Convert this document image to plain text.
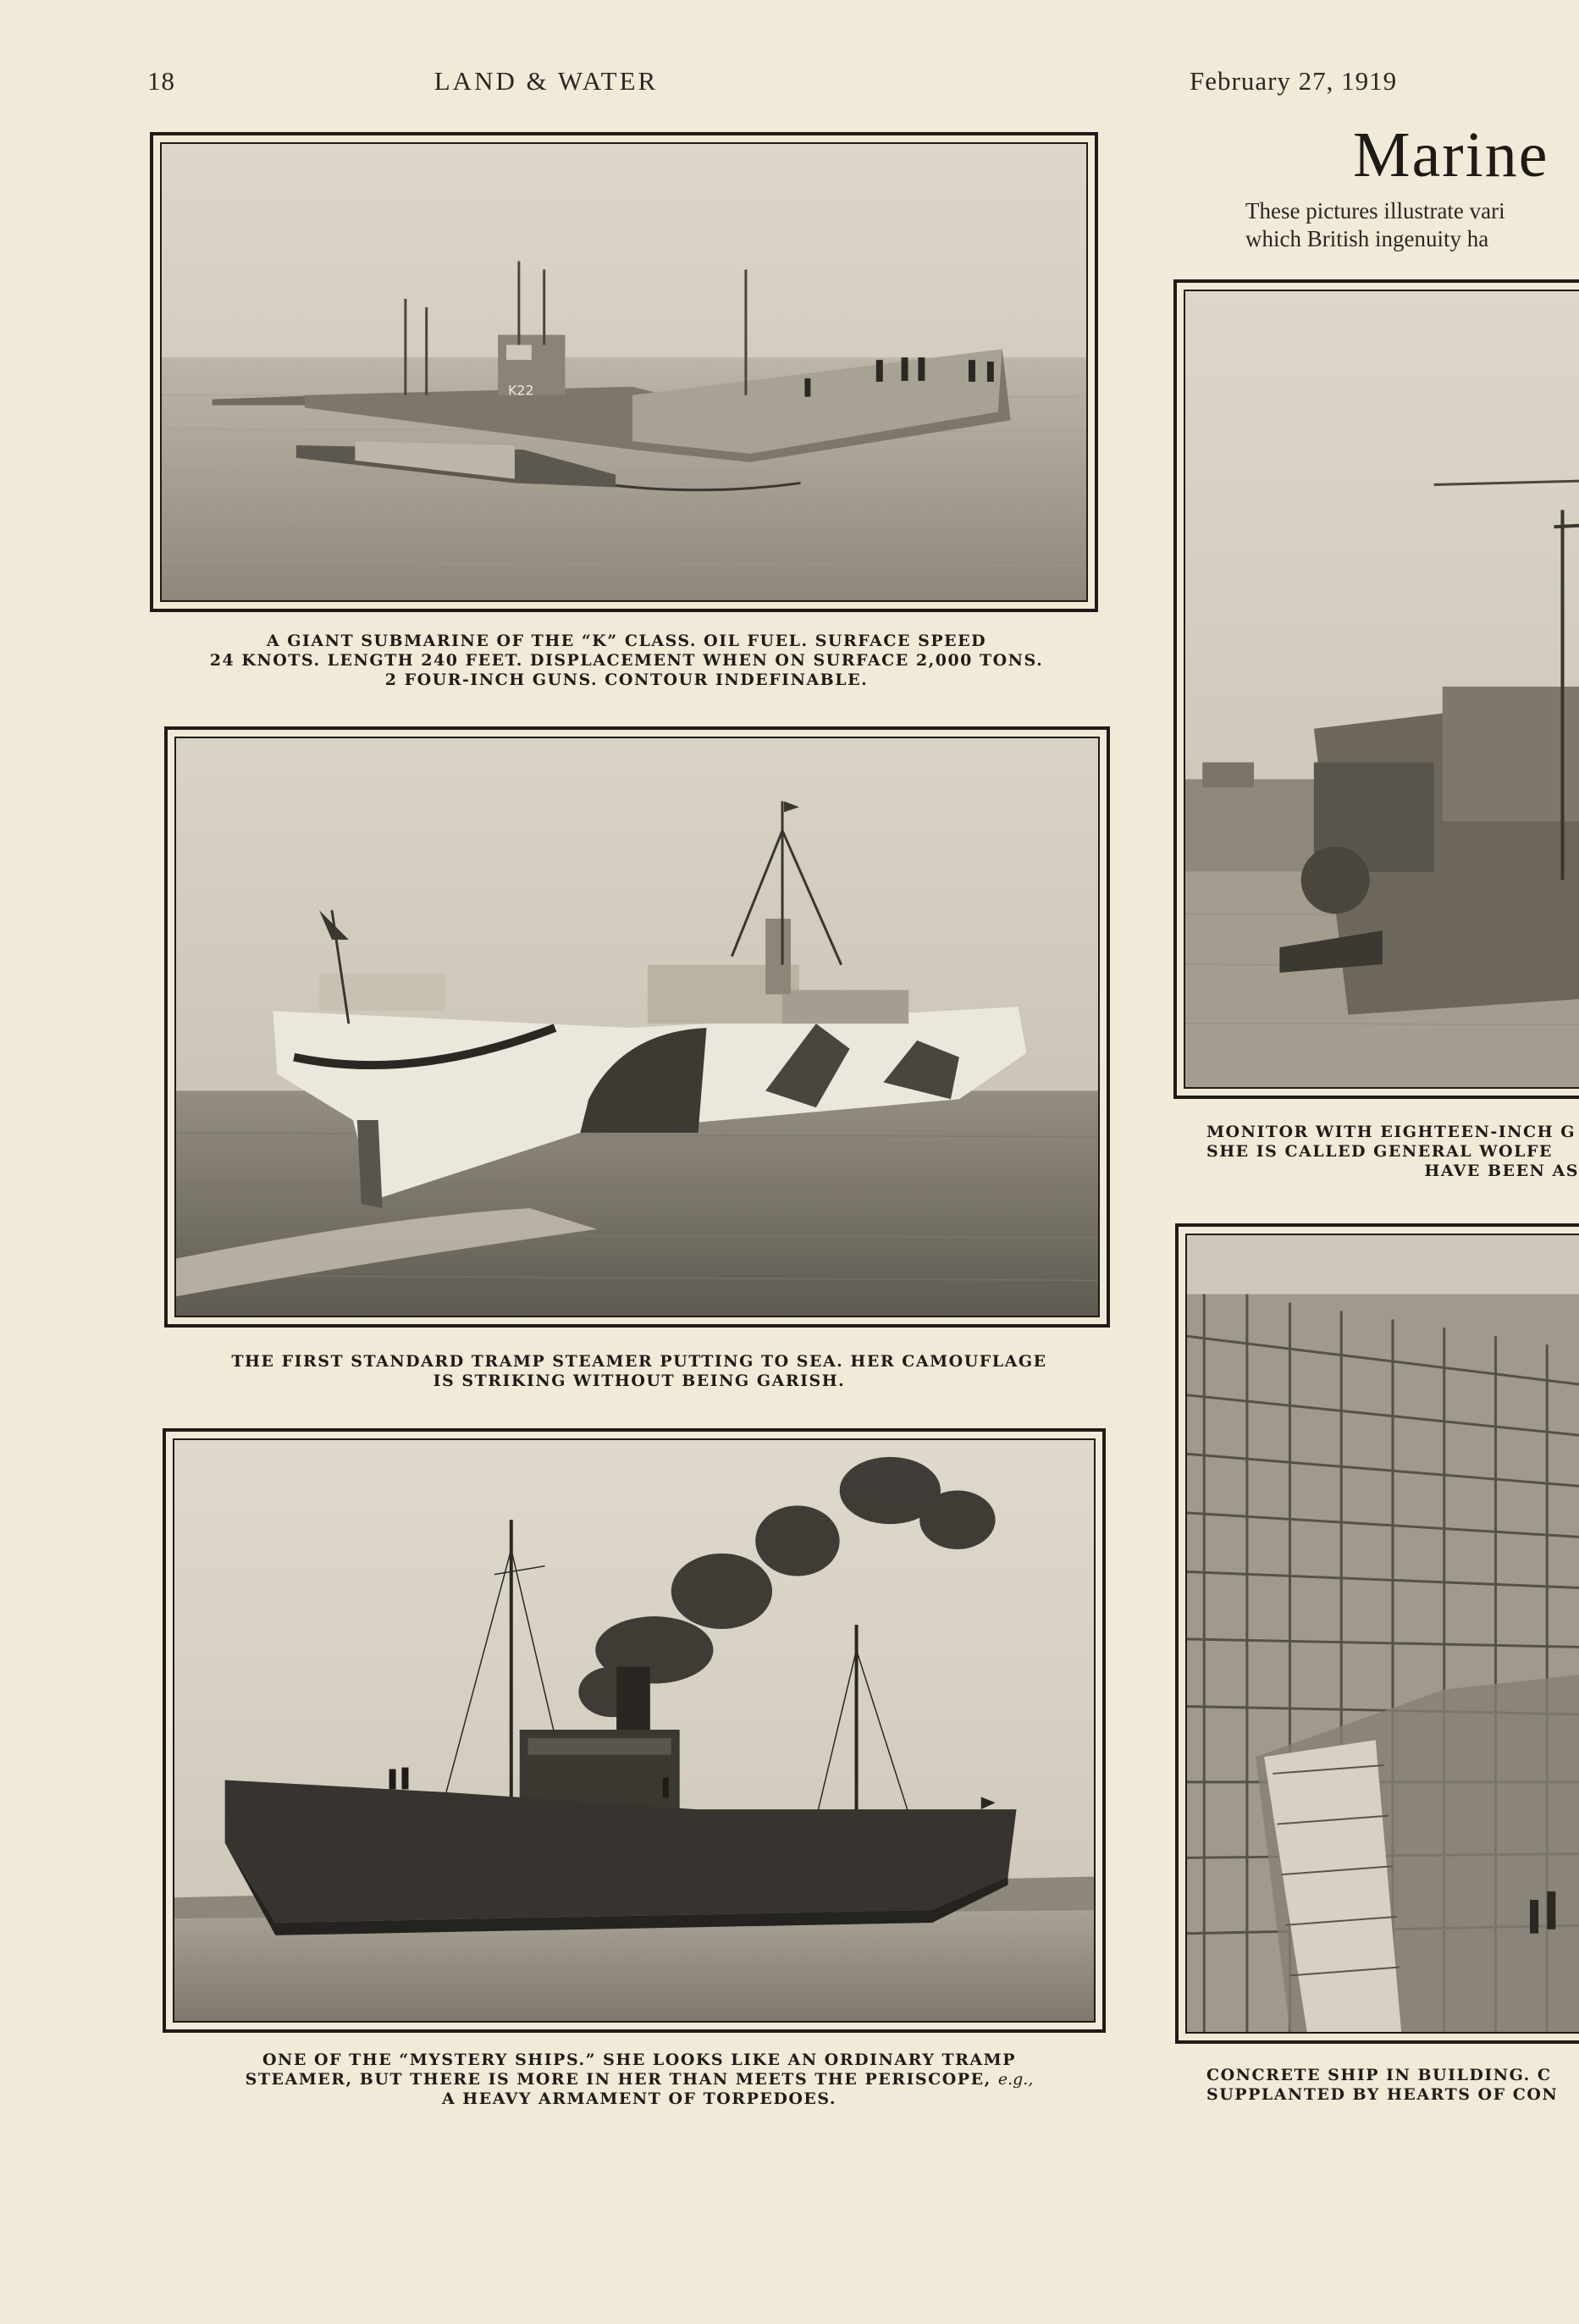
18	LAND & WATER	February 27, 1919
Marine
These pictures illustrate vari
which British ingenuity ha
K22
A GIANT SUBMARINE OF THE “K” CLASS. OIL FUEL. SURFACE SPEED
24 KNOTS. LENGTH 240 FEET. DISPLACEMENT WHEN ON SURFACE 2,000 TONS.
2 FOUR-INCH GUNS. CONTOUR INDEFINABLE.
THE FIRST STANDARD TRAMP STEAMER PUTTING TO SEA. HER CAMOUFLAGE
IS STRIKING WITHOUT BEING GARISH.
ONE OF THE “MYSTERY SHIPS.” SHE LOOKS LIKE AN ORDINARY TRAMP
STEAMER, BUT THERE IS MORE IN HER THAN MEETS THE PERISCOPE, e.g.,
A HEAVY ARMAMENT OF TORPEDOES.
MONITOR WITH EIGHTEEN-INCH G
SHE IS CALLED GENERAL WOLFE
HAVE BEEN AS
CONCRETE SHIP IN BUILDING. C
SUPPLANTED BY HEARTS OF CON
